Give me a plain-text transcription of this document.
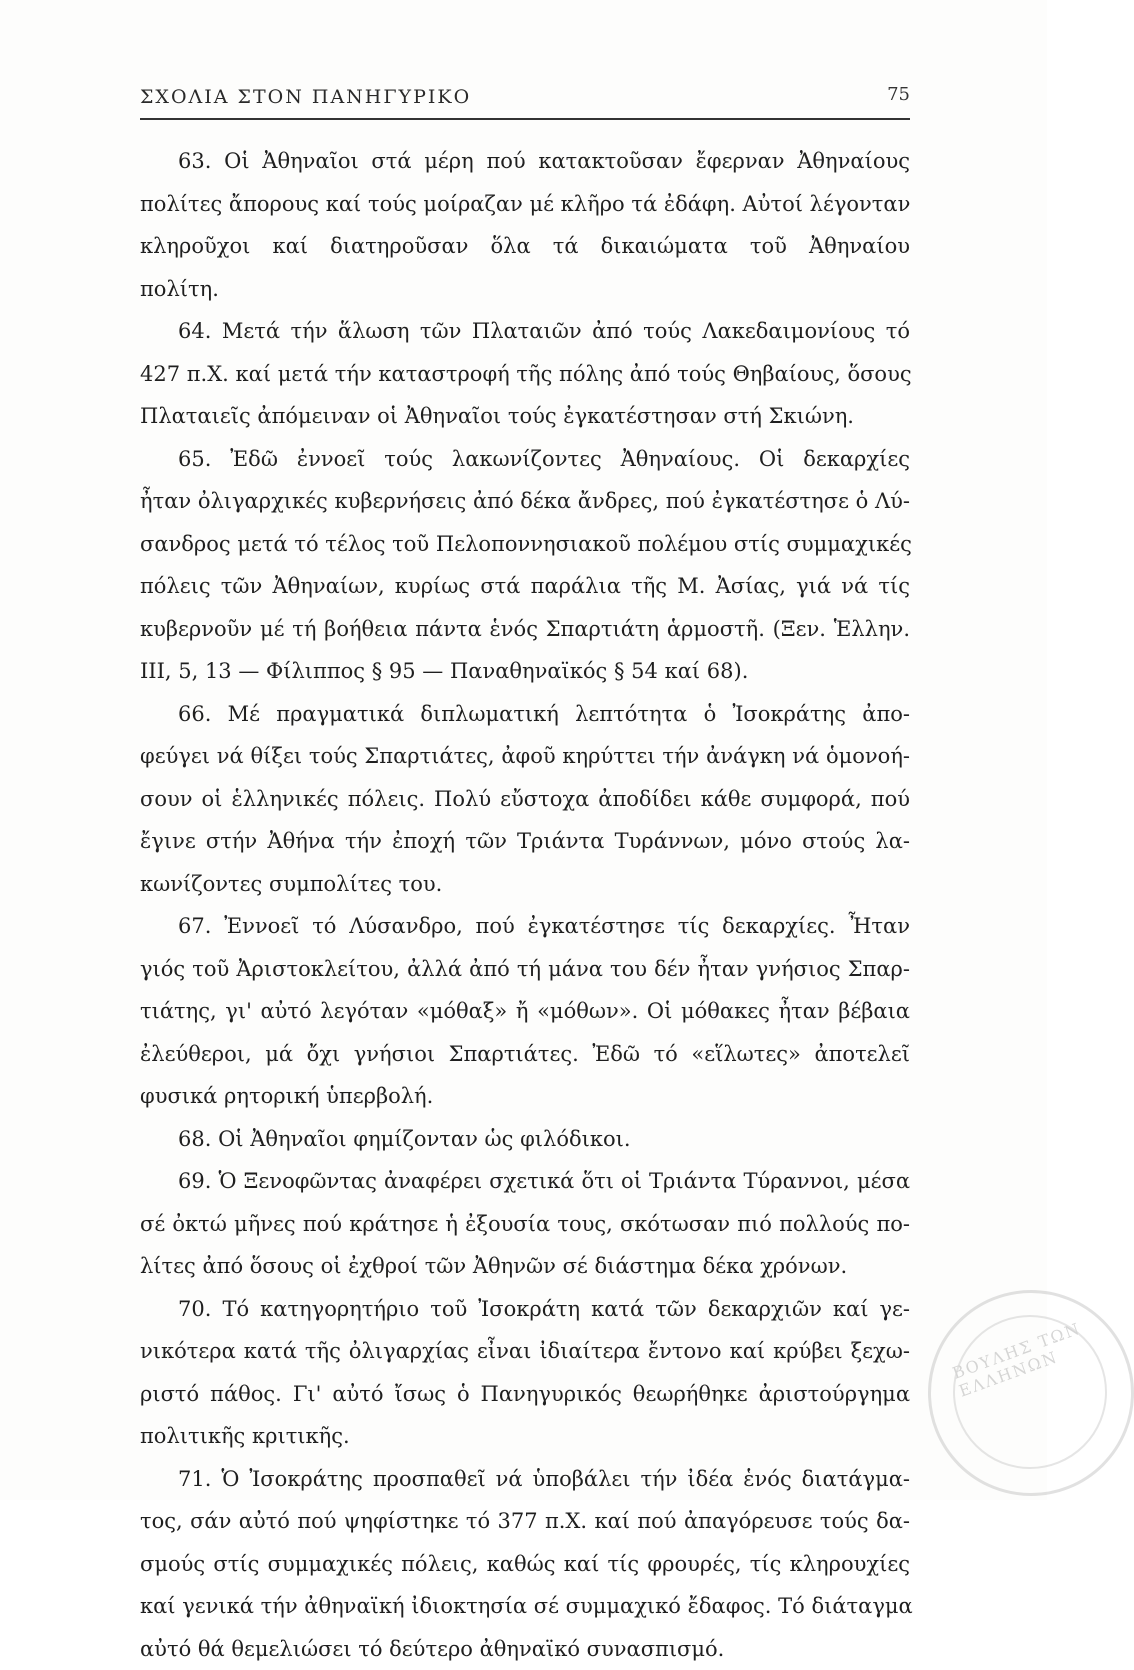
ΣΧΟΛΙΑ ΣΤΟΝ ΠΑΝΗΓΥΡΙΚΟ	75
63. Οἱ Ἀθηναῖοι στά μέρη πού κατακτοῦσαν ἔφερναν Ἀθηναίους
πολίτες ἄπορους καί τούς μοίραζαν μέ κλῆρο τά ἐδάφη. Αὐτοί λέγονταν
κληροῦχοι καί διατηροῦσαν ὅλα τά δικαιώματα τοῦ Ἀθηναίου
πολίτη.
64. Μετά τήν ἅλωση τῶν Πλαταιῶν ἀπό τούς Λακεδαιμονίους τό
427 π.Χ. καί μετά τήν καταστροφή τῆς πόλης ἀπό τούς Θηβαίους, ὅσους
Πλαταιεῖς ἀπόμειναν οἱ Ἀθηναῖοι τούς ἐγκατέστησαν στή Σκιώνη.
65. Ἐδῶ ἐννοεῖ τούς λακωνίζοντες Ἀθηναίους. Οἱ δεκαρχίες
ἦταν ὀλιγαρχικές κυβερνήσεις ἀπό δέκα ἄνδρες, πού ἐγκατέστησε ὁ Λύ-
σανδρος μετά τό τέλος τοῦ Πελοποννησιακοῦ πολέμου στίς συμμαχικές
πόλεις τῶν Ἀθηναίων, κυρίως στά παράλια τῆς Μ. Ἀσίας, γιά νά τίς
κυβερνοῦν μέ τή βοήθεια πάντα ἑνός Σπαρτιάτη ἁρμοστῆ. (Ξεν. Ἑλλην.
ΙΙΙ, 5, 13 — Φίλιππος § 95 — Παναθηναϊκός § 54 καί 68).
66. Μέ πραγματικά διπλωματική λεπτότητα ὁ Ἰσοκράτης ἀπο-
φεύγει νά θίξει τούς Σπαρτιάτες, ἀφοῦ κηρύττει τήν ἀνάγκη νά ὁμονοή-
σουν οἱ ἑλληνικές πόλεις. Πολύ εὔστοχα ἀποδίδει κάθε συμφορά, πού
ἔγινε στήν Ἀθήνα τήν ἐποχή τῶν Τριάντα Τυράννων, μόνο στούς λα-
κωνίζοντες συμπολίτες του.
67. Ἐννοεῖ τό Λύσανδρο, πού ἐγκατέστησε τίς δεκαρχίες. Ἦταν
γιός τοῦ Ἀριστοκλείτου, ἀλλά ἀπό τή μάνα του δέν ἦταν γνήσιος Σπαρ-
τιάτης, γι' αὐτό λεγόταν «μόθαξ» ἤ «μόθων». Οἱ μόθακες ἦταν βέβαια
ἐλεύθεροι, μά ὄχι γνήσιοι Σπαρτιάτες. Ἐδῶ τό «εἵλωτες» ἀποτελεῖ
φυσικά ρητορική ὑπερβολή.
68. Οἱ Ἀθηναῖοι φημίζονταν ὡς φιλόδικοι.
69. Ὁ Ξενοφῶντας ἀναφέρει σχετικά ὅτι οἱ Τριάντα Τύραννοι, μέσα
σέ ὀκτώ μῆνες πού κράτησε ἡ ἐξουσία τους, σκότωσαν πιό πολλούς πο-
λίτες ἀπό ὅσους οἱ ἐχθροί τῶν Ἀθηνῶν σέ διάστημα δέκα χρόνων.
70. Τό κατηγορητήριο τοῦ Ἰσοκράτη κατά τῶν δεκαρχιῶν καί γε-
νικότερα κατά τῆς ὀλιγαρχίας εἶναι ἰδιαίτερα ἔντονο καί κρύβει ξεχω-
ριστό πάθος. Γι' αὐτό ἴσως ὁ Πανηγυρικός θεωρήθηκε ἀριστούργημα
πολιτικῆς κριτικῆς.
71. Ὁ Ἰσοκράτης προσπαθεῖ νά ὑποβάλει τήν ἰδέα ἑνός διατάγμα-
τος, σάν αὐτό πού ψηφίστηκε τό 377 π.Χ. καί πού ἀπαγόρευσε τούς δα-
σμούς στίς συμμαχικές πόλεις, καθώς καί τίς φρουρές, τίς κληρουχίες
καί γενικά τήν ἀθηναϊκή ἰδιοκτησία σέ συμμαχικό ἔδαφος. Τό διάταγμα
αὐτό θά θεμελιώσει τό δεύτερο ἀθηναϊκό συνασπισμό.
ΒΟΥΛΗΣ ΤΩΝ ΕΛΛΗΝΩΝ
